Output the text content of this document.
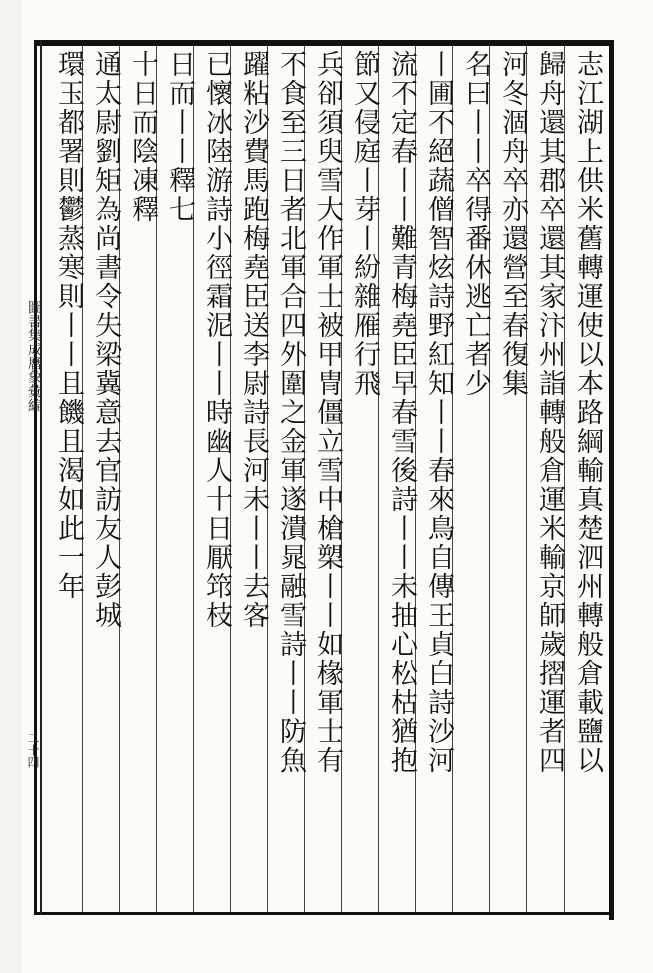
圖書集成曆象彙編
二十四	志江湖上供米舊轉運使以本路綱輸真楚泗州轉般倉載鹽以
歸舟還其郡卒還其家汴州詣轉般倉運米輸京師歲摺運者四
河冬涸舟卒亦還營至春復集
名曰丨丨卒得番休逃亡者少
丨圃不絕蔬僧智炫詩野紅知丨丨春來鳥自傳王貞白詩沙河
流不定春丨丨難青梅堯臣早春雪後詩丨丨未抽心松枯猶抱
節又侵庭丨芽丨紛雜雁行飛
兵卻須臾雪大作軍士被甲冑僵立雪中槍槊丨丨如椽軍士有
不食至三日者北軍合四外圍之金軍遂潰晁融雪詩丨丨防魚
躍粘沙費馬跑梅堯臣送李尉詩長河未丨丨去客
已懷冰陸游詩小徑霜泥丨丨時幽人十日厭筇枝
日而丨丨釋七
十日而陰凍釋
通太尉劉矩為尚書令失梁冀意去官訪友人彭城
環玉都署則鬱蒸寒則丨丨且饑且渴如此一年
